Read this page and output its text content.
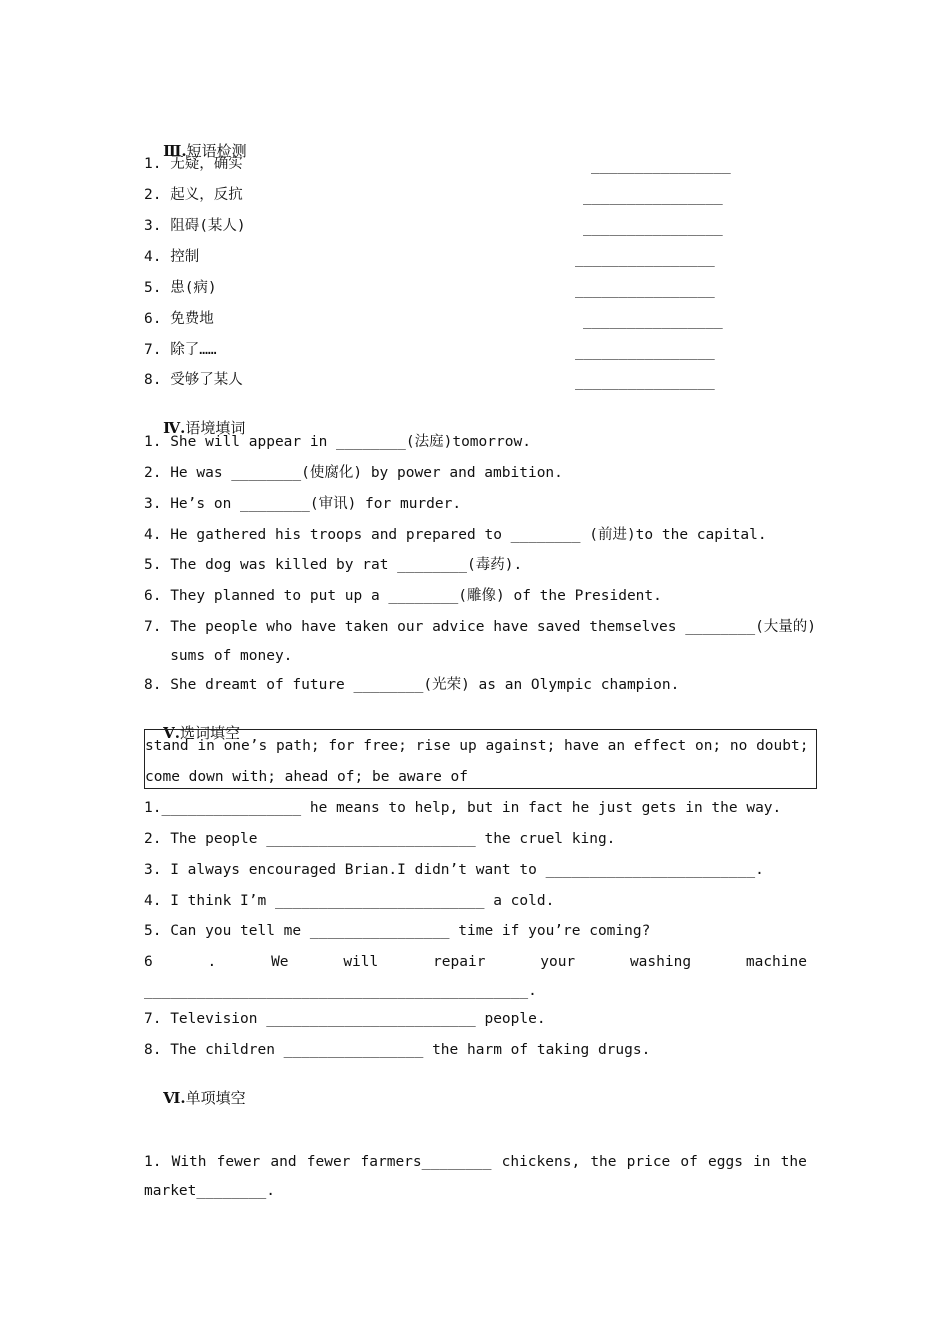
Ⅲ.短语检测

1. 无疑，确实	________________
2. 起义，反抗	________________
3. 阻碍(某人)	________________
4. 控制	________________
5. 患(病)	________________
6. 免费地	________________
7. 除了……	________________
8. 受够了某人	________________

Ⅳ.语境填词

1. She will appear in ________(法庭)tomorrow.
2. He was ________(使腐化) by power and ambition.
3. He’s on ________(审讯) for murder.
4. He gathered his troops and prepared to ________ (前进)to the capital.
5. The dog was killed by rat ________(毒药).
6. They planned to put up a ________(雕像) of the President.
7. The people who have taken our advice have saved themselves ________(大量的)
sums of money.
8. She dreamt of future ________(光荣) as an Olympic champion.

Ⅴ.选词填空

stand in one’s path; for free; rise up against; have an effect on; no doubt;
come down with; ahead of; be aware of
1.________________ he means to help, but in fact he just gets in the way.
2. The people ________________________ the cruel king.
3. I always encouraged Brian.I didn’t want to ________________________.
4. I think I’m ________________________ a cold.
5. Can you tell me ________________ time if you’re coming?
6	.	We	will	repair	your	washing	machine
____________________________________________.
7. Television ________________________ people.
8. The children ________________ the harm of taking drugs.

Ⅵ.单项填空

1. With fewer and fewer farmers________ chickens, the price of eggs in the
market________.
